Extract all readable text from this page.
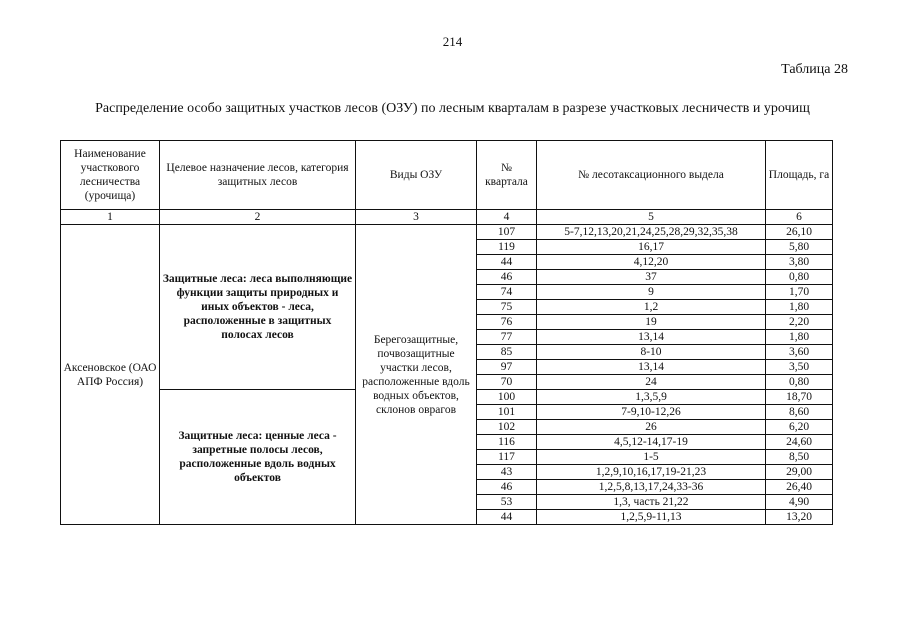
214
Таблица 28
Распределение особо защитных участков лесов (ОЗУ) по лесным кварталам в разрезе участковых лесничеств и урочищ
Наименование участкового лесничества (урочища)	Целевое назначение лесов, категория защитных лесов	Виды ОЗУ	№ квартала	№ лесотаксационного выдела	Площадь, га
1	2	3	4	5	6
Аксеновское (ОАО АПФ Россия)	Защитные леса: леса выполняющие функции защиты природных и иных объектов - леса, расположенные в защитных полосах лесов	Берегозащитные, почвозащитные участки лесов, расположенные вдоль водных объектов, склонов оврагов	107	5-7,12,13,20,21,24,25,28,29,32,35,38	26,10
			119	16,17	5,80
			44	4,12,20	3,80
			46	37	0,80
			74	9	1,70
			75	1,2	1,80
			76	19	2,20
			77	13,14	1,80
			85	8-10	3,60
			97	13,14	3,50
			70	24	0,80
	Защитные леса: ценные леса - запретные полосы лесов, расположенные вдоль водных объектов		100	1,3,5,9	18,70
			101	7-9,10-12,26	8,60
			102	26	6,20
			116	4,5,12-14,17-19	24,60
			117	1-5	8,50
			43	1,2,9,10,16,17,19-21,23	29,00
			46	1,2,5,8,13,17,24,33-36	26,40
			53	1,3, часть 21,22	4,90
			44	1,2,5,9-11,13	13,20
